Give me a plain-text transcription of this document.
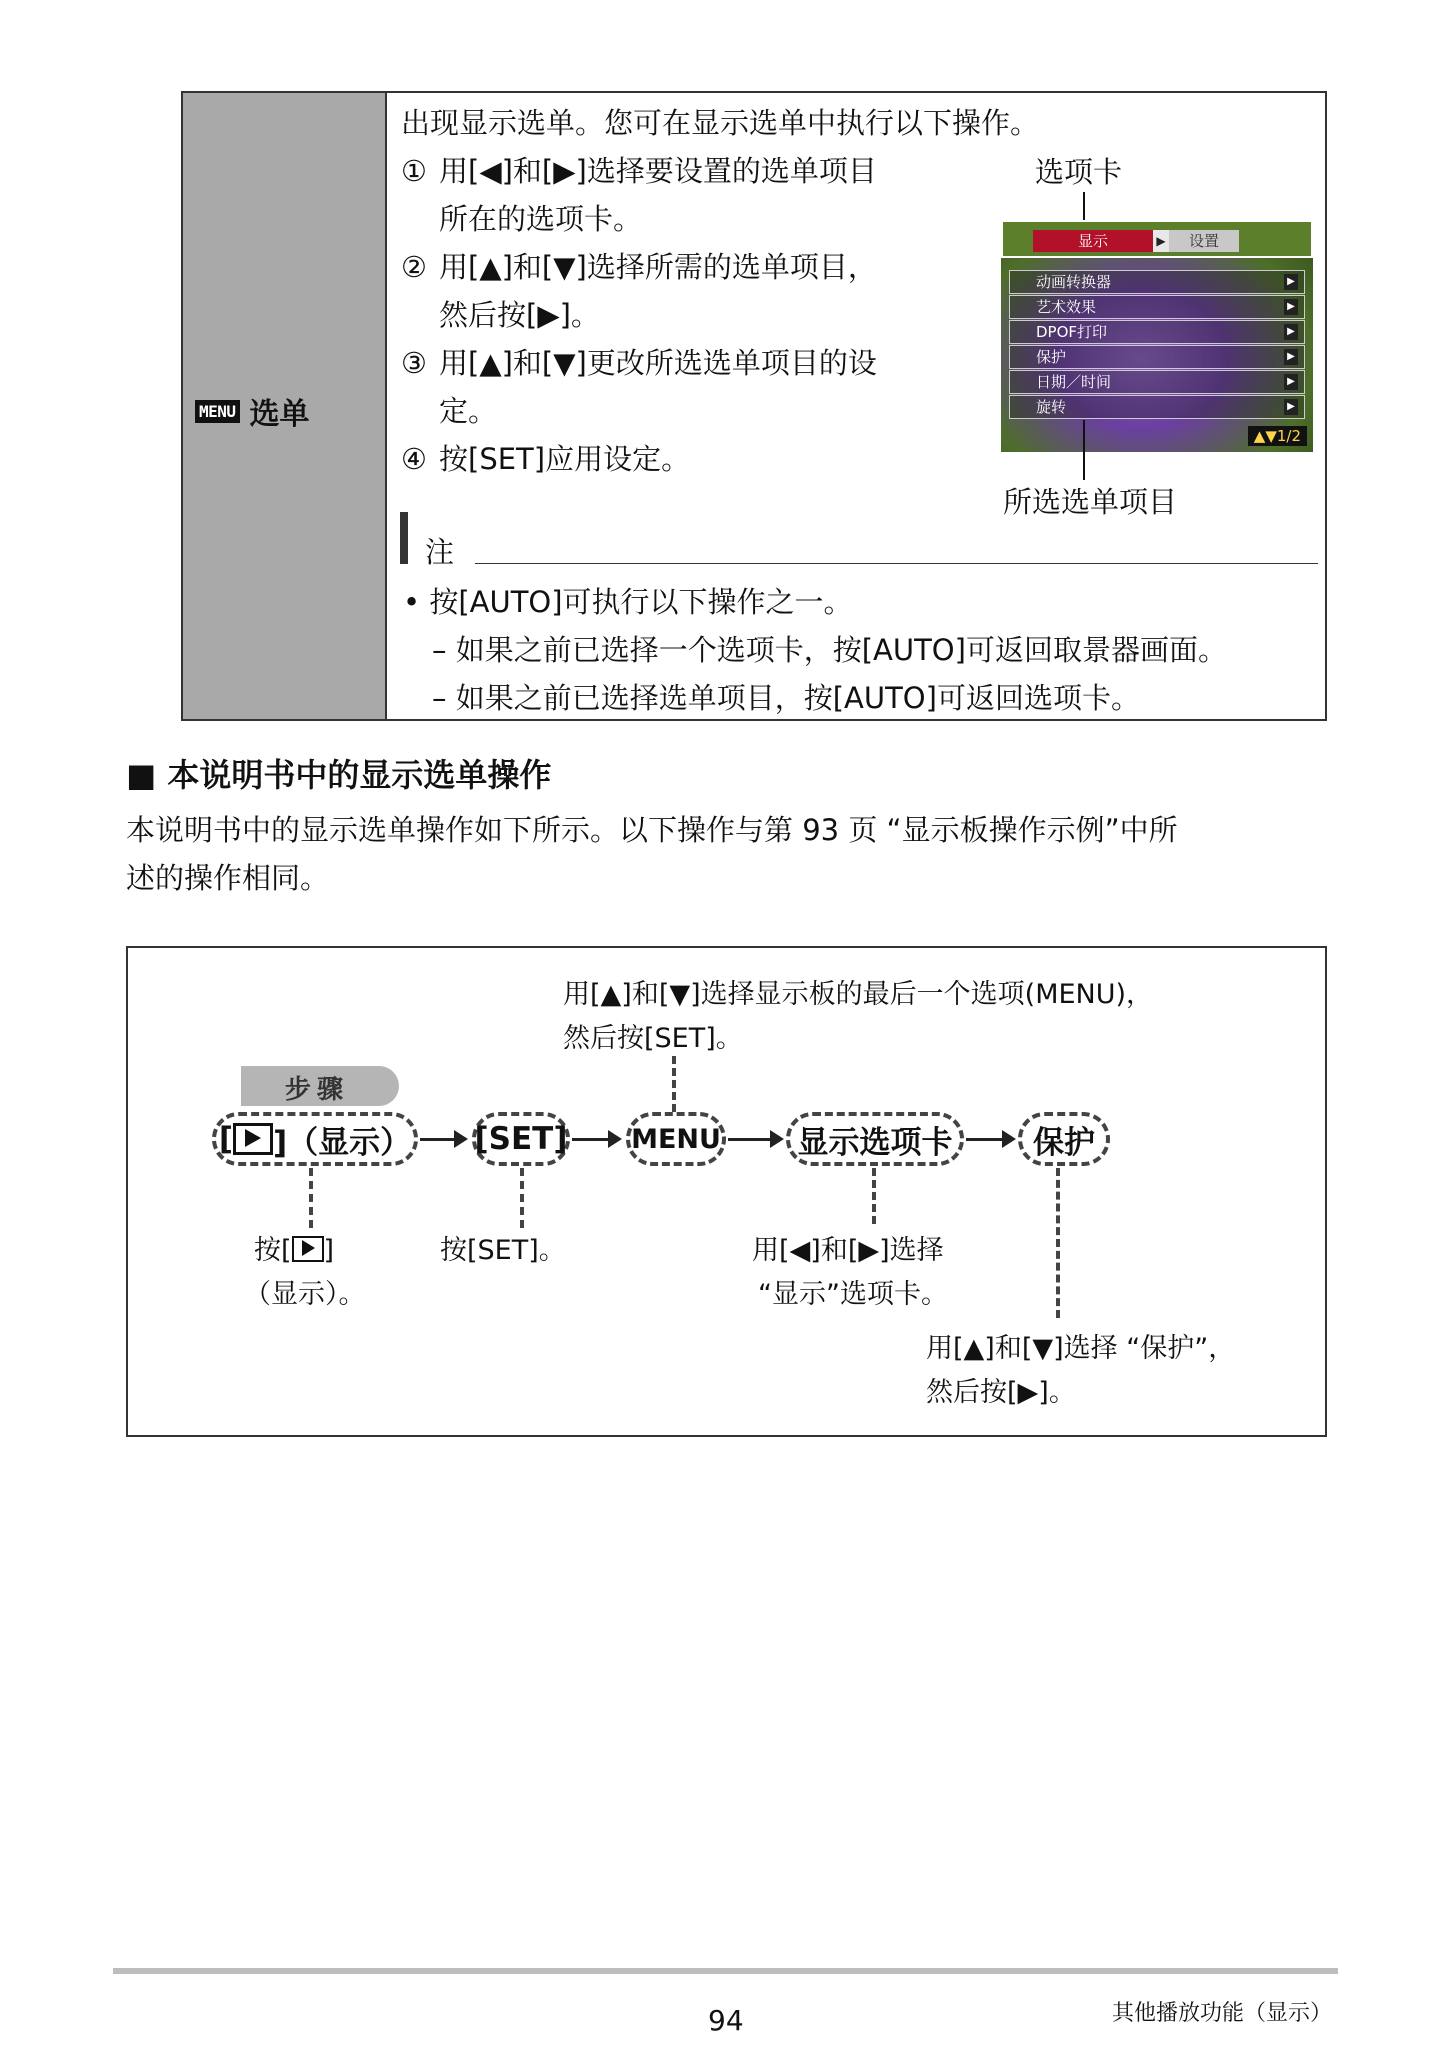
MENU 选单
出现显示选单。您可在显示选单中执行以下操作。
① 用[◀]和[▶]选择要设置的选单项目
所在的选项卡。
② 用[▲]和[▼]选择所需的选单项目，
然后按[▶]。
③ 用[▲]和[▼]更改所选选单项目的设
定。
④ 按[SET]应用设定。
选项卡
显示	▶	设置
动画转换器	▶
艺术效果	▶
DPOF打印	▶
保护	▶
日期／时间	▶
旋转	▶
▲▼1/2
所选选单项目
注
• 按[AUTO]可执行以下操作之一。
– 如果之前已选择一个选项卡，按[AUTO]可返回取景器画面。
– 如果之前已选择选单项目，按[AUTO]可返回选项卡。
■ 本说明书中的显示选单操作
本说明书中的显示选单操作如下所示。以下操作与第 93 页 “显示板操作示例”中所
述的操作相同。
用[▲]和[▼]选择显示板的最后一个选项(MENU)，
然后按[SET]。
步骤
[ ]（显示） [SET] MENU	显示选项卡	保护
按[ ]
（显示）。
按[SET]。	用[◀]和[▶]选择
“显示”选项卡。
用[▲]和[▼]选择 “保护”，
然后按[▶]。
94	其他播放功能（显示）
